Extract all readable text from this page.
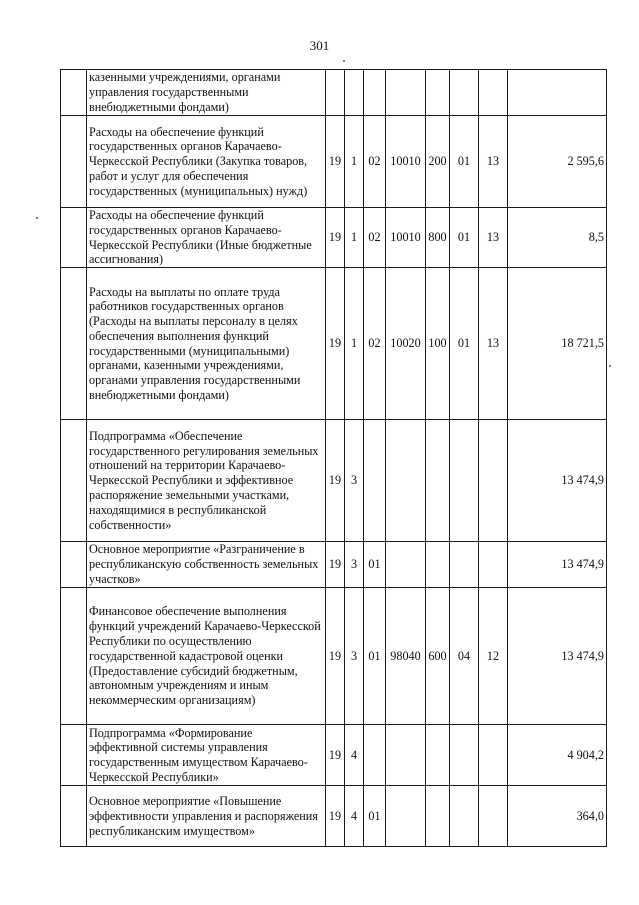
301
	казенными учреждениями, органами управления государственными внебюджетными фондами)								
	Расходы на обеспечение функций государственных органов Карачаево-Черкесской Республики (Закупка товаров, работ и услуг для обеспечения государственных (муниципальных) нужд)	19	1	02	10010	200	01	13	2 595,6
	Расходы на обеспечение функций государственных органов Карачаево-Черкесской Республики (Иные бюджетные ассигнования)	19	1	02	10010	800	01	13	8,5
	Расходы на выплаты по оплате труда работников государственных органов (Расходы на выплаты персоналу в целях обеспечения выполнения функций государственными (муниципальными) органами, казенными учреждениями, органами управления государственными внебюджетными фондами)	19	1	02	10020	100	01	13	18 721,5
	Подпрограмма «Обеспечение государственного регулирования земельных отношений на территории Карачаево-Черкесской Республики и эффективное распоряжение земельными участками, находящимися в республиканской собственности»	19	3						13 474,9
	Основное мероприятие «Разграничение в республиканскую собственность земельных участков»	19	3	01					13 474,9
	Финансовое обеспечение выполнения функций учреждений Карачаево-Черкесской Республики по осуществлению государственной кадастровой оценки (Предоставление субсидий бюджетным, автономным учреждениям и иным некоммерческим организациям)	19	3	01	98040	600	04	12	13 474,9
	Подпрограмма «Формирование эффективной системы управления государственным имуществом Карачаево-Черкесской Республики»	19	4						4 904,2
	Основное мероприятие «Повышение эффективности управления и распоряжения республиканским имуществом»	19	4	01					364,0
